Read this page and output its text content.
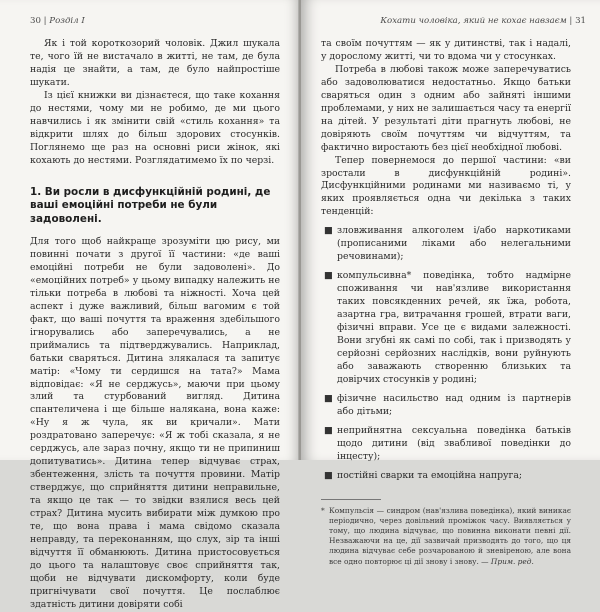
30 | Розділ І

Як і той короткозорий чоловік. Джил шукала те, чого їй не вистачало в житті, не там, де була надія це знайти, а там, де було найпростіше шукати.

Із цієї книжки ви дізнаєтеся, що таке кохання до нестями, чому ми не робимо, де ми цього навчились і як змінити свій «стиль кохання» та відкрити шлях до більш здорових стосунків. Поглянемо ще раз на основні риси жінок, які кохають до нестями. Розглядатимемо їх по черзі.

1. Ви росли в дисфункційній родині, де ваші емоційні потреби не були задоволені.

Для того щоб найкраще зрозуміти цю рису, ми повинні почати з другої її частини: «де ваші емоційні потреби не були задоволені». До «емоційних потреб» у цьому випадку належить не тільки потреба в любові та ніжності. Хоча цей аспект і дуже важливий, більш вагомим є той факт, що ваші почуття та враження здебільшого ігнорувались або заперечувались, а не приймались та підтверджувались. Наприклад, батьки сваряться. Дитина злякалася та запитує матір: «Чому ти сердишся на тата?» Мама відповідає: «Я не серджусь», маючи при цьому злий та стурбований вигляд. Дитина спантеличена і ще більше налякана, вона каже: «Ну я ж чула, як ви кричали». Мати роздратовано заперечує: «Я ж тобі сказала, я не серджусь, але зараз почну, якщо ти не припиниш допитуватись». Дитина тепер відчуває страх, збентеження, злість та почуття провини. Матір стверджує, що сприйняття дитини неправильне, та якщо це так — то звідки взялися весь цей страх? Дитина мусить вибирати між думкою про те, що вона права і мама свідомо сказала неправду, та переконанням, що слух, зір та інші відчуття її обманюють. Дитина пристосовується до цього та налаштовує своє сприйняття так, щоби не відчувати дискомфорту, коли буде пригнічувати свої почуття. Це послаблює здатність дитини довіряти собі

Кохати чоловіка, який не кохає навзаєм | 31

та своїм почуттям — як у дитинстві, так і надалі, у дорослому житті, чи то вдома чи у стосунках.

Потреба в любові також може заперечуватись або задоволюватися недостатньо. Якщо батьки сваряться один з одним або зайняті іншими проблемами, у них не залишається часу та енергії на дітей. У результаті діти прагнуть любові, не довіряють своїм почуттям чи відчуттям, та фактично виростають без цієї необхідної любові.

Тепер повернемося до першої частини: «ви зростали в дисфункційній родині». Дисфункційними родинами ми називаємо ті, у яких проявляється одна чи декілька з таких тенденцій:

■ зловживання алкоголем і/або наркотиками (прописаними ліками або нелегальними речовинами);
■ компульсивна* поведінка, тобто надмірне споживання чи нав'язливе використання таких повсякденних речей, як їжа, робота, азартна гра, витрачання грошей, втрати ваги, фізичні вправи. Усе це є видами залежності. Вони згубні як самі по собі, так і призводять у серйозні серйозних наслідків, вони руйнують або заважають створенню близьких та довірчих стосунків у родині;
■ фізичне насильство над одним із партнерів або дітьми;
■ неприйнятна сексуальна поведінка батьків щодо дитини (від звабливої поведінки до інцесту);
■ постійні сварки та емоційна напруга;
* Компульсія — синдром (нав'язлива поведінка), який виникає періодично, через довільний проміжок часу. Виявляється у тому, що людина відчуває, що повинна виконати певні дії. Незважаючи на це, дії зазвичай призводять до того, що ця людина відчуває себе розчарованою й зневіреною, але вона все одно повторює ці дії знову і знову. — Прим. ред.
